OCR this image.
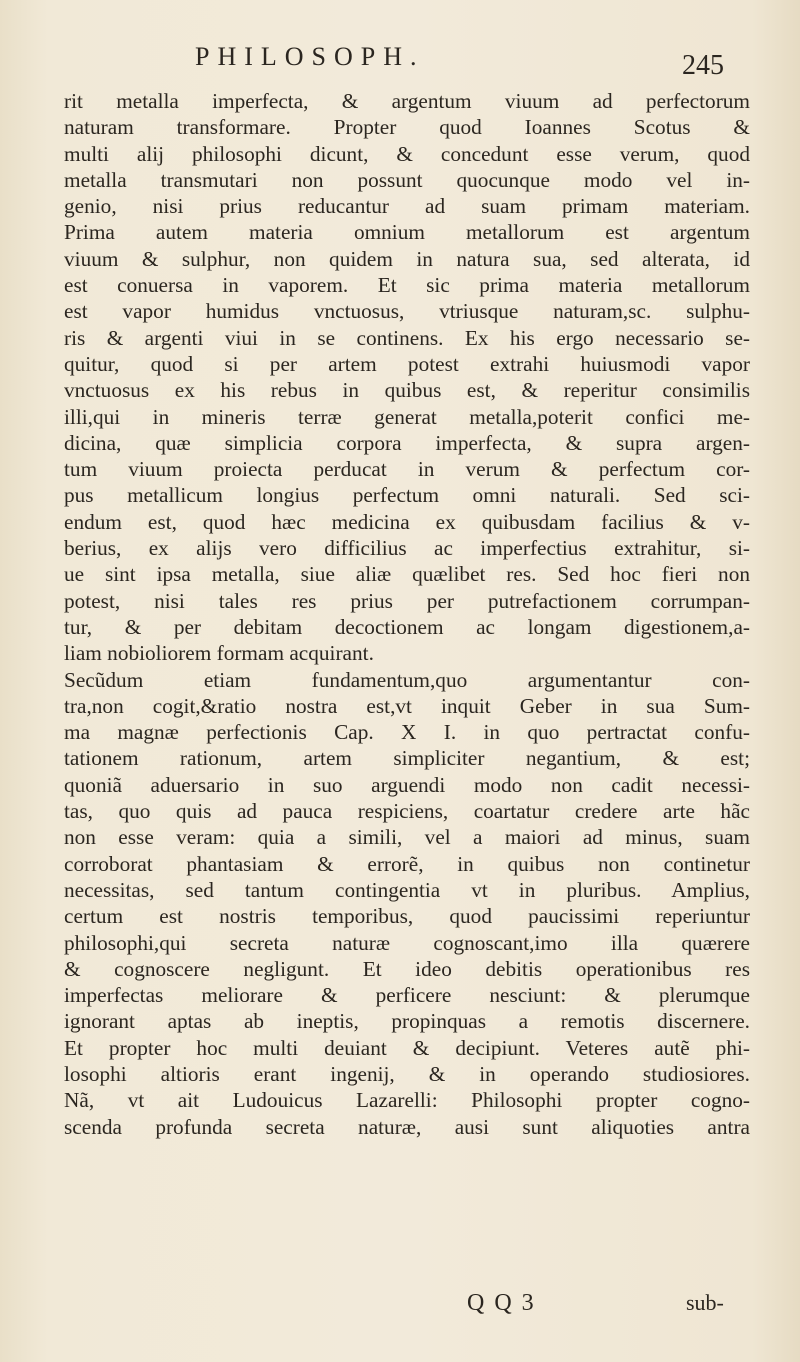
PHILOSOPH.	245
rit metalla imperfecta, & argentum viuum ad perfectorum
naturam transformare. Propter quod Ioannes Scotus &
multi alij philosophi dicunt, & concedunt esse verum, quod
metalla transmutari non possunt quocunque modo vel in-
genio, nisi prius reducantur ad suam primam materiam.
Prima autem materia omnium metallorum est argentum
viuum & sulphur, non quidem in natura sua, sed alterata, id
est conuersa in vaporem. Et sic prima materia metallorum
est vapor humidus vnctuosus, vtriusque naturam,sc. sulphu-
ris & argenti viui in se continens. Ex his ergo necessario se-
quitur, quod si per artem potest extrahi huiusmodi vapor
vnctuosus ex his rebus in quibus est, & reperitur consimilis
illi,qui in mineris terræ generat metalla,poterit confici me-
dicina, quæ simplicia corpora imperfecta, & supra argen-
tum viuum proiecta perducat in verum & perfectum cor-
pus metallicum longius perfectum omni naturali. Sed sci-
endum est, quod hæc medicina ex quibusdam facilius & v-
berius, ex alijs vero difficilius ac imperfectius extrahitur, si-
ue sint ipsa metalla, siue aliæ quælibet res. Sed hoc fieri non
potest, nisi tales res prius per putrefactionem corrumpan-
tur, & per debitam decoctionem ac longam digestionem,a-
liam nobioliorem formam acquirant.
Secũdum etiam fundamentum,quo argumentantur con-
tra,non cogit,&ratio nostra est,vt inquit Geber in sua Sum-
ma magnæ perfectionis Cap. X I. in quo pertractat confu-
tationem rationum, artem simpliciter negantium, & est;
quoniã aduersario in suo arguendi modo non cadit necessi-
tas, quo quis ad pauca respiciens, coartatur credere arte hãc
non esse veram: quia a simili, vel a maiori ad minus, suam
corroborat phantasiam & errorẽ, in quibus non continetur
necessitas, sed tantum contingentia vt in pluribus. Amplius,
certum est nostris temporibus, quod paucissimi reperiuntur
philosophi,qui secreta naturæ cognoscant,imo illa quærere
& cognoscere negligunt. Et ideo debitis operationibus res
imperfectas meliorare & perficere nesciunt: & plerumque
ignorant aptas ab ineptis, propinquas a remotis discernere.
Et propter hoc multi deuiant & decipiunt. Veteres autẽ phi-
losophi altioris erant ingenij, & in operando studiosiores.
Nã, vt ait Ludouicus Lazarelli: Philosophi propter cogno-
scenda profunda secreta naturæ, ausi sunt aliquoties antra
Q Q 3	sub-
